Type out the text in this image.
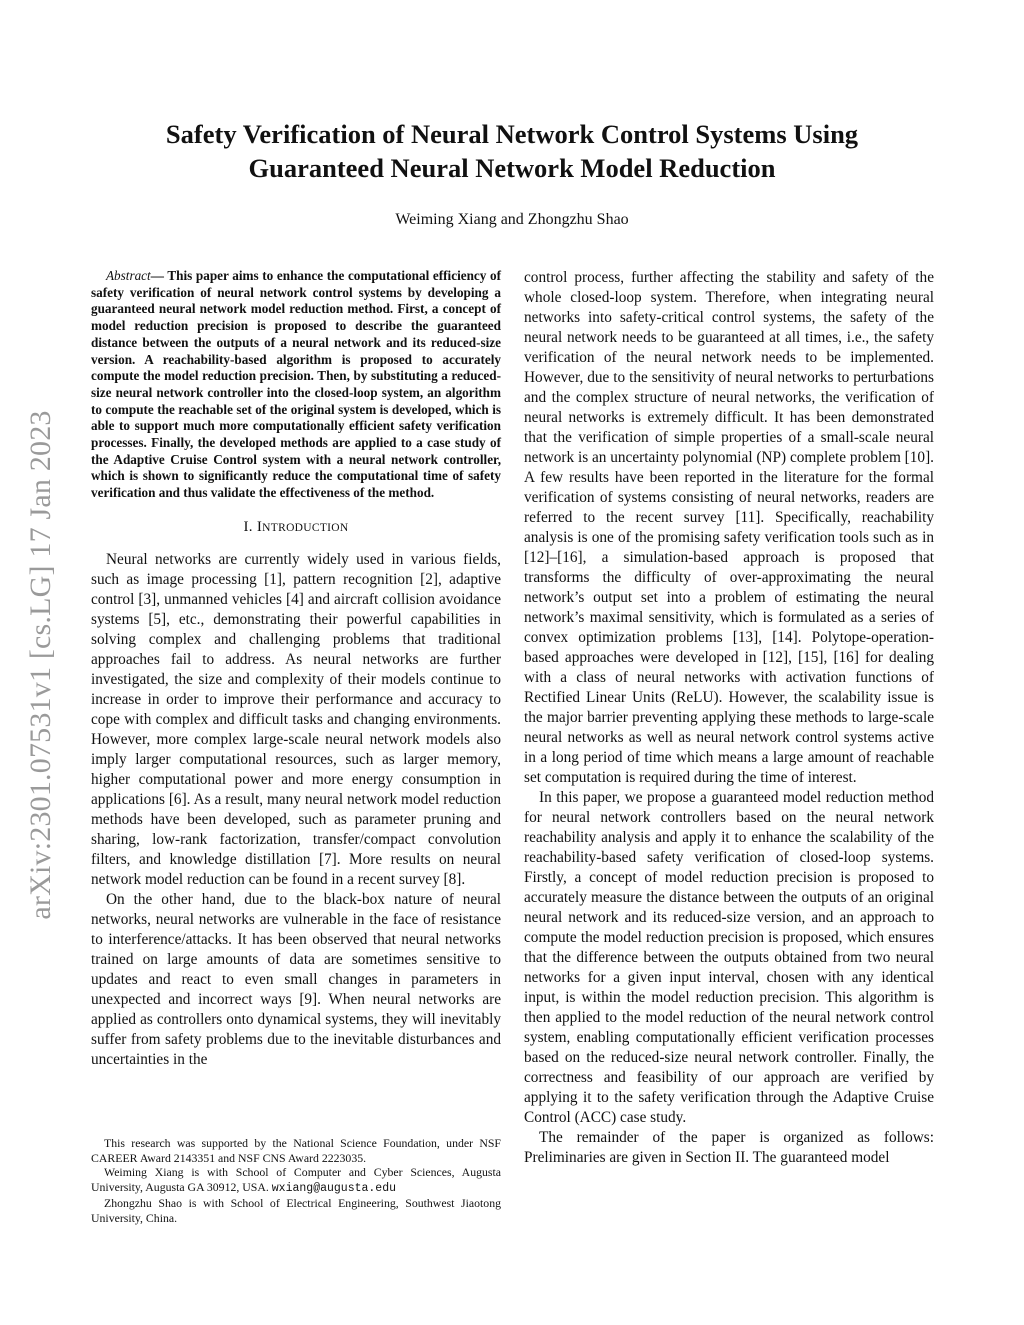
Safety Verification of Neural Network Control Systems Using
Guaranteed Neural Network Model Reduction
Weiming Xiang and Zhongzhu Shao
arXiv:2301.07531v1 [cs.LG] 17 Jan 2023

Abstract— This paper aims to enhance the computational efficiency of safety verification of neural network control systems by developing a guaranteed neural network model reduction method. First, a concept of model reduction precision is proposed to describe the guaranteed distance between the outputs of a neural network and its reduced-size version. A reachability-based algorithm is proposed to accurately compute the model reduction precision. Then, by substituting a reduced-size neural network controller into the closed-loop system, an algorithm to compute the reachable set of the original system is developed, which is able to support much more computationally efficient safety verification processes. Finally, the developed methods are applied to a case study of the Adaptive Cruise Control system with a neural network controller, which is shown to significantly reduce the computational time of safety verification and thus validate the effectiveness of the method.

I. INTRODUCTION

Neural networks are currently widely used in various fields, such as image processing [1], pattern recognition [2], adaptive control [3], unmanned vehicles [4] and aircraft collision avoidance systems [5], etc., demonstrating their powerful capabilities in solving complex and challenging problems that traditional approaches fail to address. As neural networks are further investigated, the size and complexity of their models continue to increase in order to improve their performance and accuracy to cope with complex and difficult tasks and changing environments. However, more complex large-scale neural network models also imply larger computational resources, such as larger memory, higher computational power and more energy consumption in applications [6]. As a result, many neural network model reduction methods have been developed, such as parameter pruning and sharing, low-rank factorization, transfer/compact convolution filters, and knowledge distillation [7]. More results on neural network model reduction can be found in a recent survey [8].

On the other hand, due to the black-box nature of neural networks, neural networks are vulnerable in the face of resistance to interference/attacks. It has been observed that neural networks trained on large amounts of data are sometimes sensitive to updates and react to even small changes in parameters in unexpected and incorrect ways [9]. When neural networks are applied as controllers onto dynamical systems, they will inevitably suffer from safety problems due to the inevitable disturbances and uncertainties in the

This research was supported by the National Science Foundation, under NSF CAREER Award 2143351 and NSF CNS Award 2223035.

Weiming Xiang is with School of Computer and Cyber Sciences, Augusta University, Augusta GA 30912, USA. wxiang@augusta.edu

Zhongzhu Shao is with School of Electrical Engineering, Southwest Jiaotong University, China.

control process, further affecting the stability and safety of the whole closed-loop system. Therefore, when integrating neural networks into safety-critical control systems, the safety of the neural network needs to be guaranteed at all times, i.e., the safety verification of the neural network needs to be implemented. However, due to the sensitivity of neural networks to perturbations and the complex structure of neural networks, the verification of neural networks is extremely difficult. It has been demonstrated that the verification of simple properties of a small-scale neural network is an uncertainty polynomial (NP) complete problem [10]. A few results have been reported in the literature for the formal verification of systems consisting of neural networks, readers are referred to the recent survey [11]. Specifically, reachability analysis is one of the promising safety verification tools such as in [12]–[16], a simulation-based approach is proposed that transforms the difficulty of over-approximating the neural network’s output set into a problem of estimating the neural network’s maximal sensitivity, which is formulated as a series of convex optimization problems [13], [14]. Polytope-operation-based approaches were developed in [12], [15], [16] for dealing with a class of neural networks with activation functions of Rectified Linear Units (ReLU). However, the scalability issue is the major barrier preventing applying these methods to large-scale neural networks as well as neural network control systems active in a long period of time which means a large amount of reachable set computation is required during the time of interest.

In this paper, we propose a guaranteed model reduction method for neural network controllers based on the neural network reachability analysis and apply it to enhance the scalability of the reachability-based safety verification of closed-loop systems. Firstly, a concept of model reduction precision is proposed to accurately measure the distance between the outputs of an original neural network and its reduced-size version, and an approach to compute the model reduction precision is proposed, which ensures that the difference between the outputs obtained from two neural networks for a given input interval, chosen with any identical input, is within the model reduction precision. This algorithm is then applied to the model reduction of the neural network control system, enabling computationally efficient verification processes based on the reduced-size neural network controller. Finally, the correctness and feasibility of our approach are verified by applying it to the safety verification through the Adaptive Cruise Control (ACC) case study.

The remainder of the paper is organized as follows: Preliminaries are given in Section II. The guaranteed model
